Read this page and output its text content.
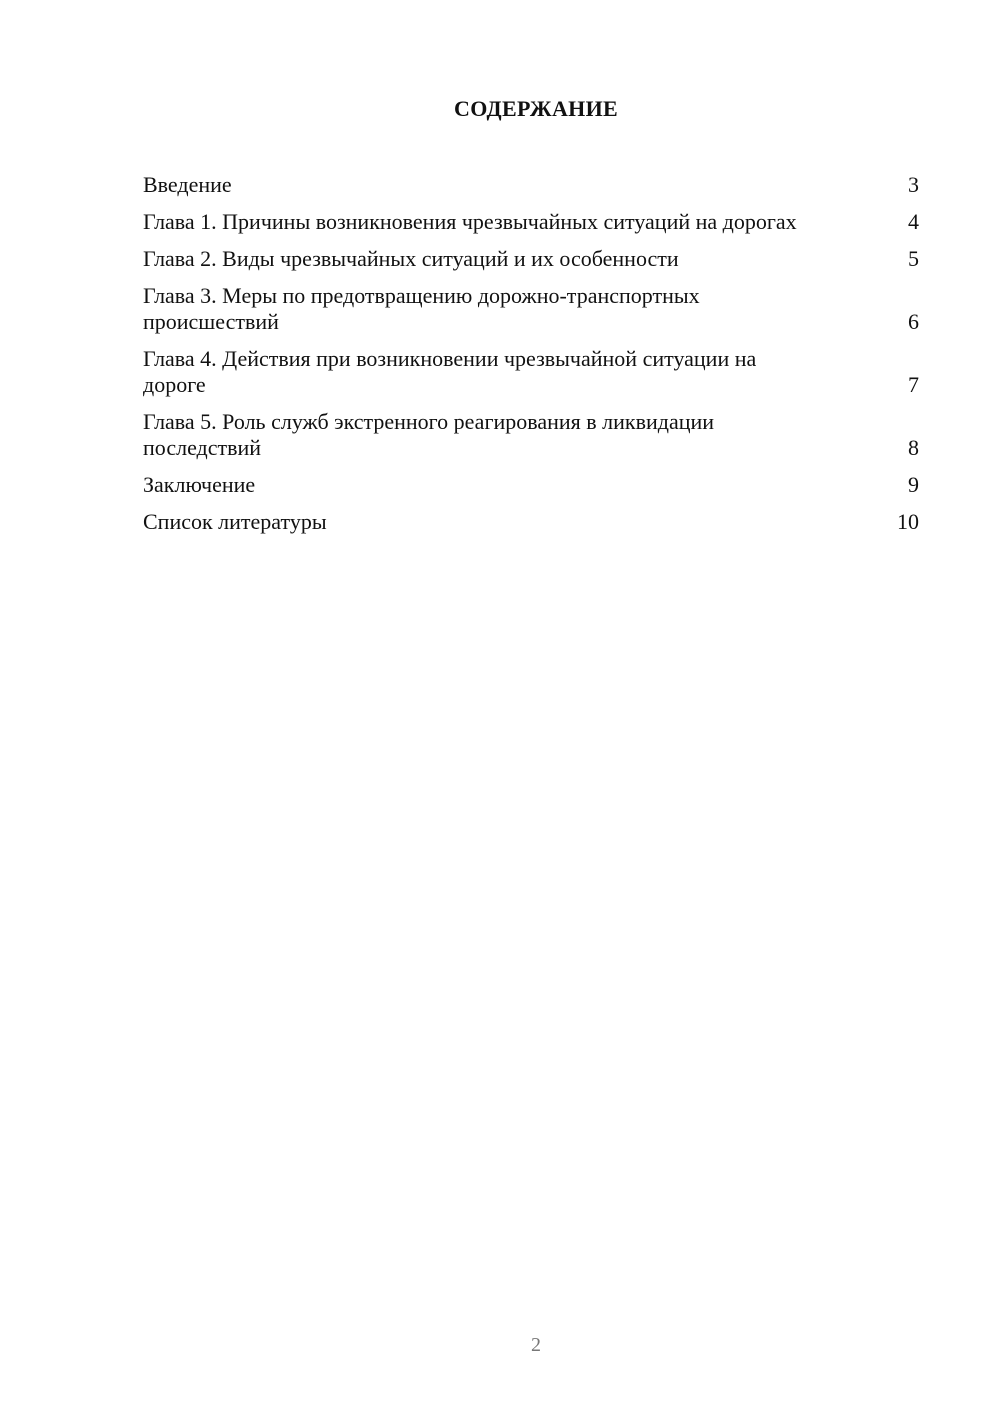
СОДЕРЖАНИЕ
Введение	3
Глава 1. Причины возникновения чрезвычайных ситуаций на дорогах	4
Глава 2. Виды чрезвычайных ситуаций и их особенности	5
Глава 3. Меры по предотвращению дорожно-транспортных происшествий	6
Глава 4. Действия при возникновении чрезвычайной ситуации на дороге	7
Глава 5. Роль служб экстренного реагирования в ликвидации последствий	8
Заключение	9
Список литературы	10
2
